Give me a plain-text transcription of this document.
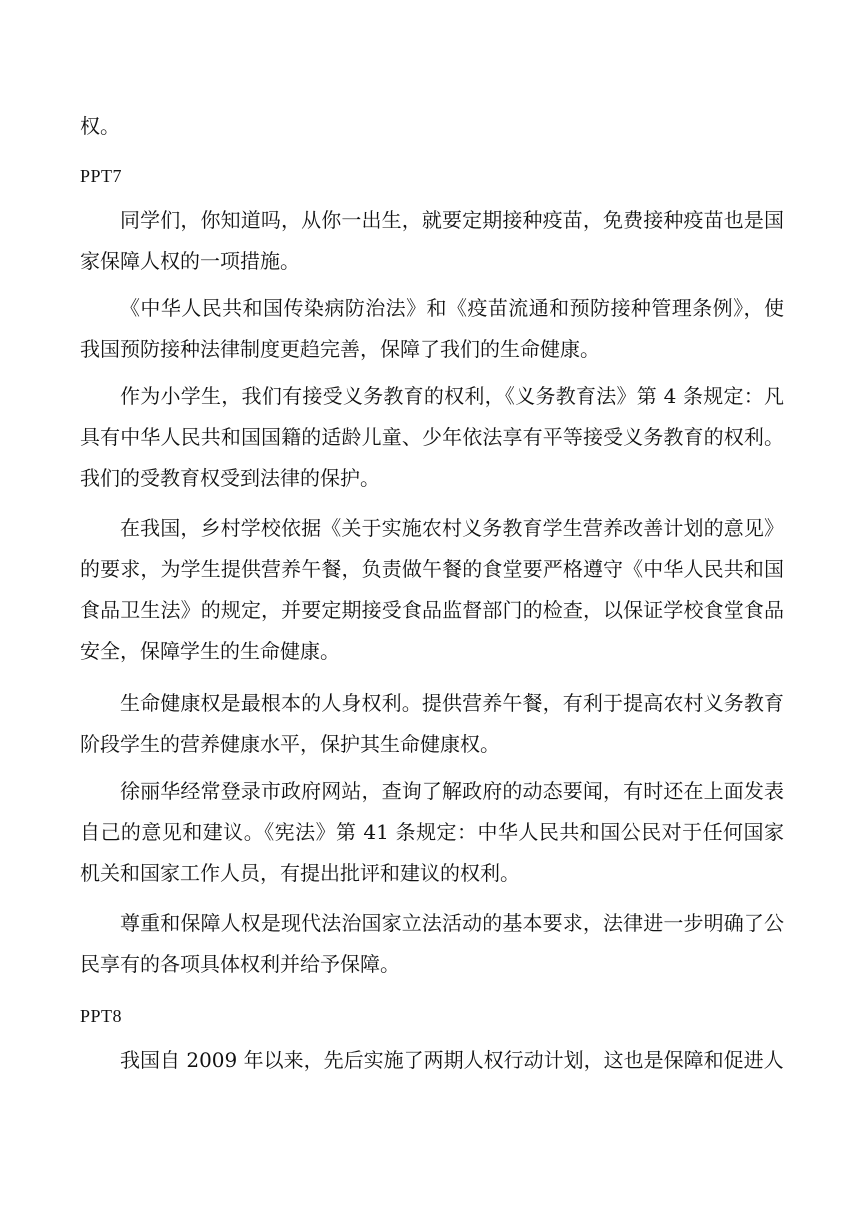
权。

PPT7

同学们，你知道吗，从你一出生，就要定期接种疫苗，免费接种疫苗也是国家保障人权的一项措施。

《中华人民共和国传染病防治法》和《疫苗流通和预防接种管理条例》，使我国预防接种法律制度更趋完善，保障了我们的生命健康。

作为小学生，我们有接受义务教育的权利，《义务教育法》第 4 条规定：凡具有中华人民共和国国籍的适龄儿童、少年依法享有平等接受义务教育的权利。我们的受教育权受到法律的保护。

在我国，乡村学校依据《关于实施农村义务教育学生营养改善计划的意见》的要求，为学生提供营养午餐，负责做午餐的食堂要严格遵守《中华人民共和国食品卫生法》的规定，并要定期接受食品监督部门的检查，以保证学校食堂食品安全，保障学生的生命健康。

生命健康权是最根本的人身权利。提供营养午餐，有利于提高农村义务教育阶段学生的营养健康水平，保护其生命健康权。

徐丽华经常登录市政府网站，查询了解政府的动态要闻，有时还在上面发表自己的意见和建议。《宪法》第 41 条规定：中华人民共和国公民对于任何国家机关和国家工作人员，有提出批评和建议的权利。

尊重和保障人权是现代法治国家立法活动的基本要求，法律进一步明确了公民享有的各项具体权利并给予保障。

PPT8

我国自 2009 年以来，先后实施了两期人权行动计划，这也是保障和促进人
